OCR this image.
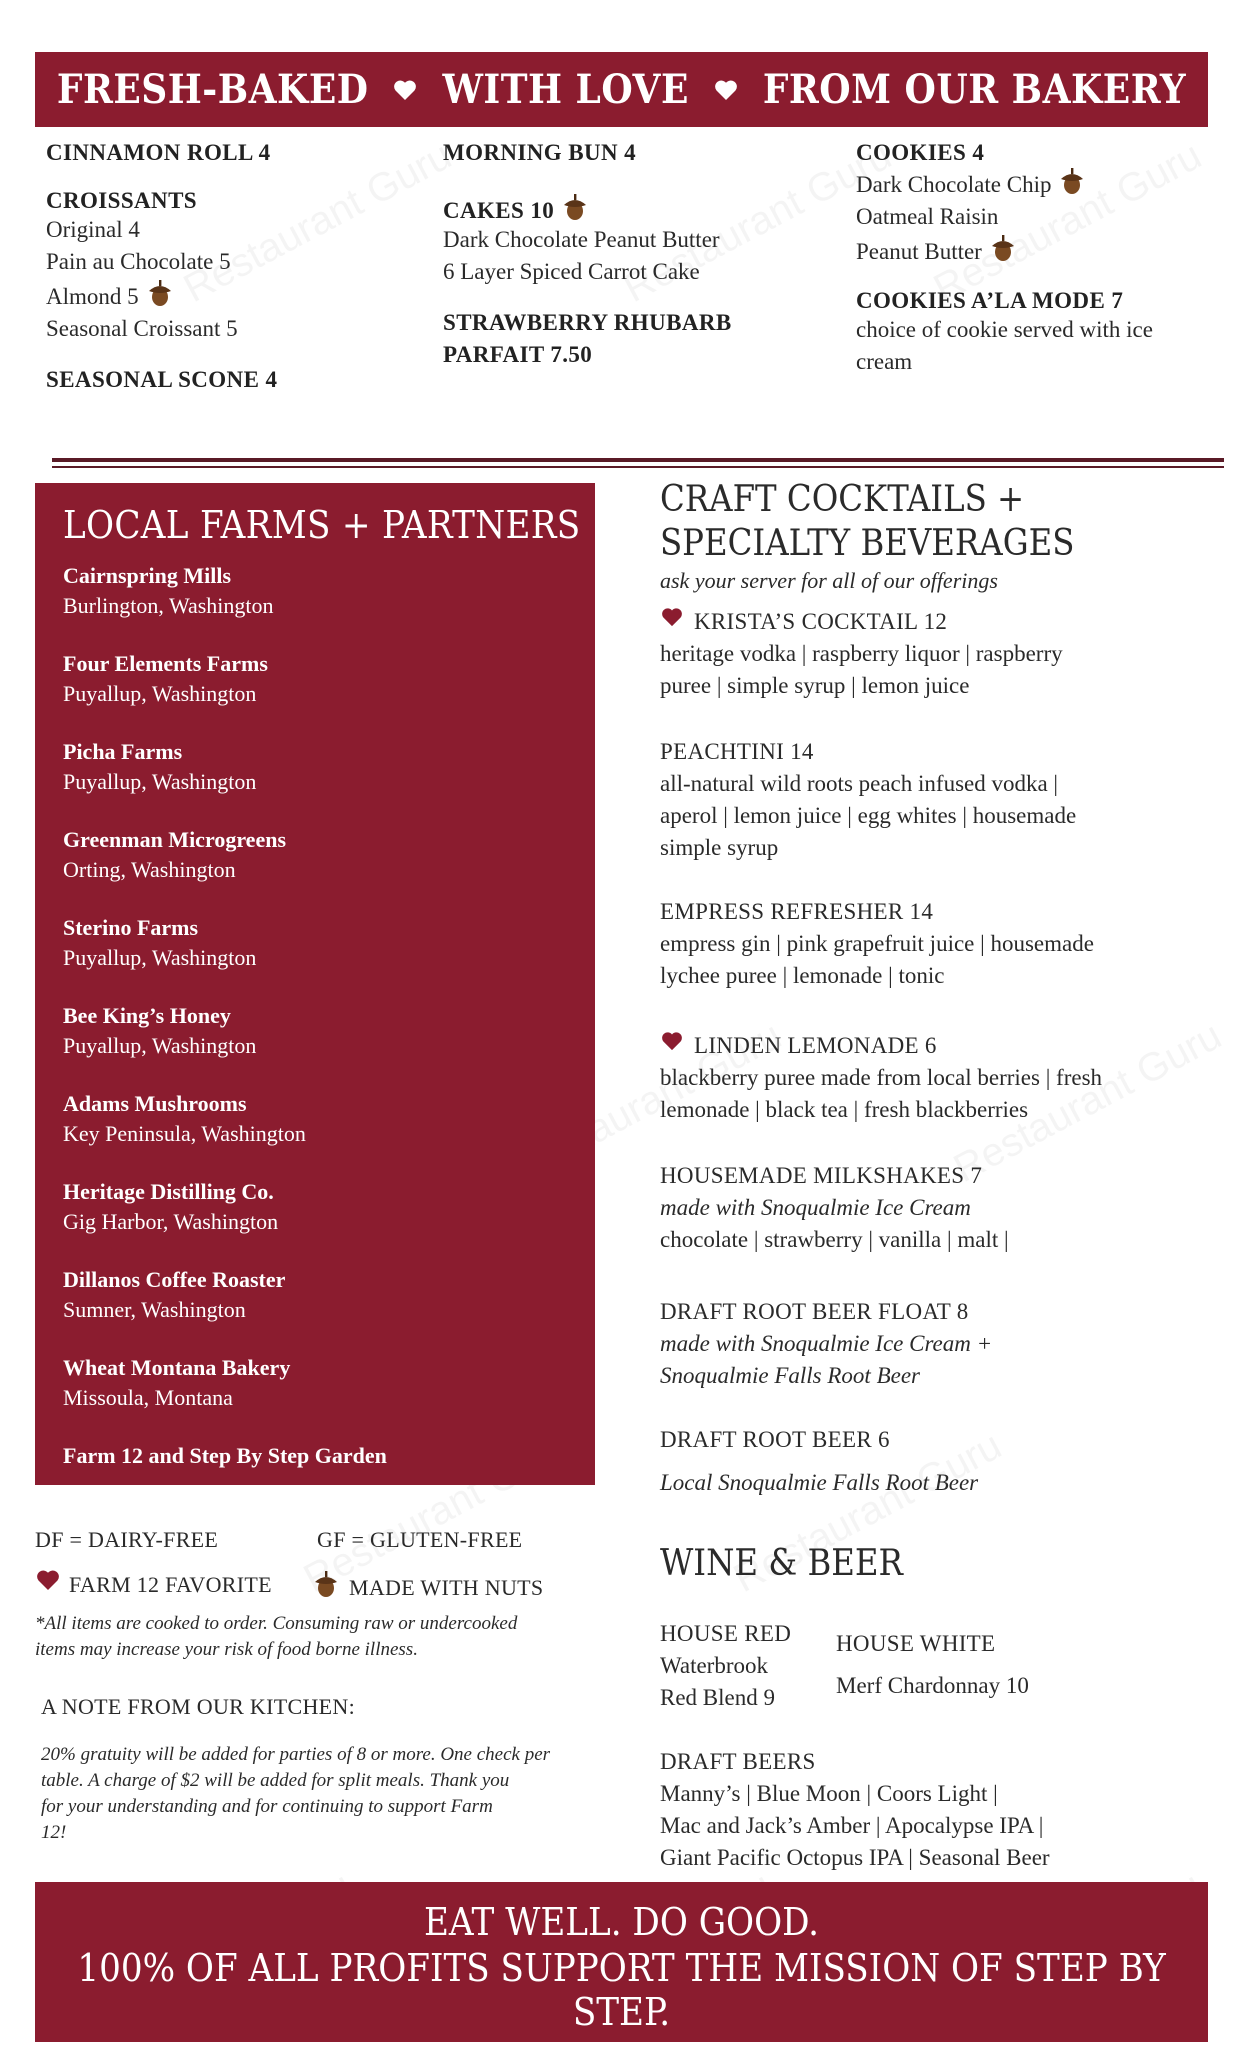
FRESH-BAKED WITH LOVE FROM OUR BAKERY
CINNAMON ROLL 4
CROISSANTS
Original 4
Pain au Chocolate 5
Almond 5
Seasonal Croissant 5
SEASONAL SCONE 4
MORNING BUN 4
CAKES 10
Dark Chocolate Peanut Butter
6 Layer Spiced Carrot Cake
STRAWBERRY RHUBARB
PARFAIT 7.50
COOKIES 4
Dark Chocolate Chip
Oatmeal Raisin
Peanut Butter
COOKIES A’LA MODE 7
choice of cookie served with ice
cream
LOCAL FARMS + PARTNERS
Cairnspring Mills
Burlington, Washington
Four Elements Farms
Puyallup, Washington
Picha Farms
Puyallup, Washington
Greenman Microgreens
Orting, Washington
Sterino Farms
Puyallup, Washington
Bee King’s Honey
Puyallup, Washington
Adams Mushrooms
Key Peninsula, Washington
Heritage Distilling Co.
Gig Harbor, Washington
Dillanos Coffee Roaster
Sumner, Washington
Wheat Montana Bakery
Missoula, Montana
Farm 12 and Step By Step Garden
CRAFT COCKTAILS +
SPECIALTY BEVERAGES
ask your server for all of our offerings
KRISTA’S COCKTAIL 12
heritage vodka | raspberry liquor | raspberry
puree | simple syrup | lemon juice
PEACHTINI 14
all-natural wild roots peach infused vodka |
aperol | lemon juice | egg whites | housemade
simple syrup
EMPRESS REFRESHER 14
empress gin | pink grapefruit juice | housemade
lychee puree | lemonade | tonic
LINDEN LEMONADE 6
blackberry puree made from local berries | fresh
lemonade | black tea | fresh blackberries
HOUSEMADE MILKSHAKES 7
made with Snoqualmie Ice Cream
chocolate | strawberry | vanilla | malt |
DRAFT ROOT BEER FLOAT 8
made with Snoqualmie Ice Cream +
Snoqualmie Falls Root Beer
DRAFT ROOT BEER 6
Local Snoqualmie Falls Root Beer
WINE & BEER
HOUSE RED
Waterbrook
Red Blend 9
HOUSE WHITE
Merf Chardonnay 10
DRAFT BEERS
Manny’s | Blue Moon | Coors Light |
Mac and Jack’s Amber | Apocalypse IPA |
Giant Pacific Octopus IPA | Seasonal Beer
DF = DAIRY-FREE	GF = GLUTEN-FREE
FARM 12 FAVORITE	MADE WITH NUTS
*All items are cooked to order. Consuming raw or undercooked
items may increase your risk of food borne illness.
A NOTE FROM OUR KITCHEN:
20% gratuity will be added for parties of 8 or more. One check per
table. A charge of $2 will be added for split meals. Thank you
for your understanding and for continuing to support Farm
12!
EAT WELL. DO GOOD.
100% OF ALL PROFITS SUPPORT THE MISSION OF STEP BY STEP.
